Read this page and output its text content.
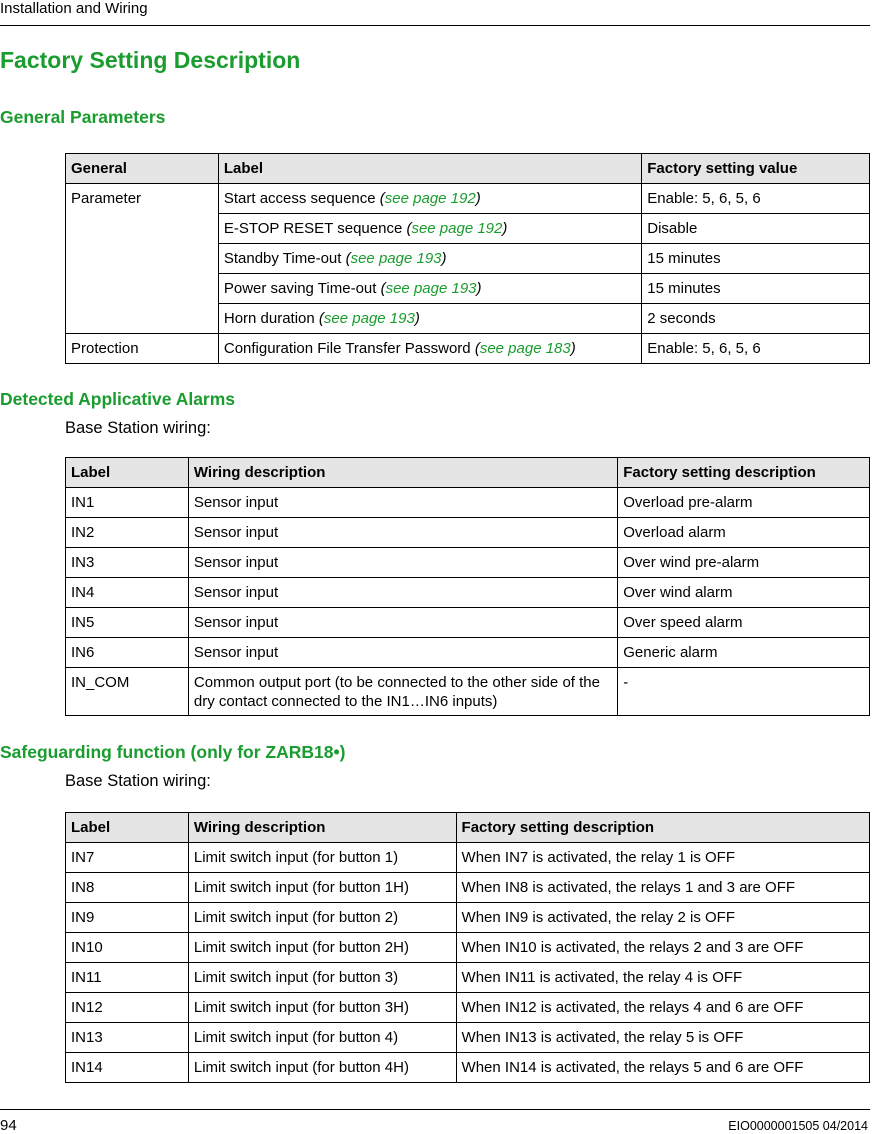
Installation and Wiring
Factory Setting Description
General Parameters
General	Label	Factory setting value
Parameter	Start access sequence (see page 192)	Enable: 5, 6, 5, 6
	E-STOP RESET sequence (see page 192)	Disable
	Standby Time-out (see page 193)	15 minutes
	Power saving Time-out (see page 193)	15 minutes
	Horn duration (see page 193)	2 seconds
Protection	Configuration File Transfer Password (see page 183)	Enable: 5, 6, 5, 6
Detected Applicative Alarms

Base Station wiring:

Label	Wiring description	Factory setting description
IN1	Sensor input	Overload pre-alarm
IN2	Sensor input	Overload alarm
IN3	Sensor input	Over wind pre-alarm
IN4	Sensor input	Over wind alarm
IN5	Sensor input	Over speed alarm
IN6	Sensor input	Generic alarm
IN_COM	Common output port (to be connected to the other side of the dry contact connected to the IN1…IN6 inputs)	-
Safeguarding function (only for ZARB18•)

Base Station wiring:

Label	Wiring description	Factory setting description
IN7	Limit switch input (for button 1)	When IN7 is activated, the relay 1 is OFF
IN8	Limit switch input (for button 1H)	When IN8 is activated, the relays 1 and 3 are OFF
IN9	Limit switch input (for button 2)	When IN9 is activated, the relay 2 is OFF
IN10	Limit switch input (for button 2H)	When IN10 is activated, the relays 2 and 3 are OFF
IN11	Limit switch input (for button 3)	When IN11 is activated, the relay 4 is OFF
IN12	Limit switch input (for button 3H)	When IN12 is activated, the relays 4 and 6 are OFF
IN13	Limit switch input (for button 4)	When IN13 is activated, the relay 5 is OFF
IN14	Limit switch input (for button 4H)	When IN14 is activated, the relays 5 and 6 are OFF
94	EIO0000001505 04/2014
